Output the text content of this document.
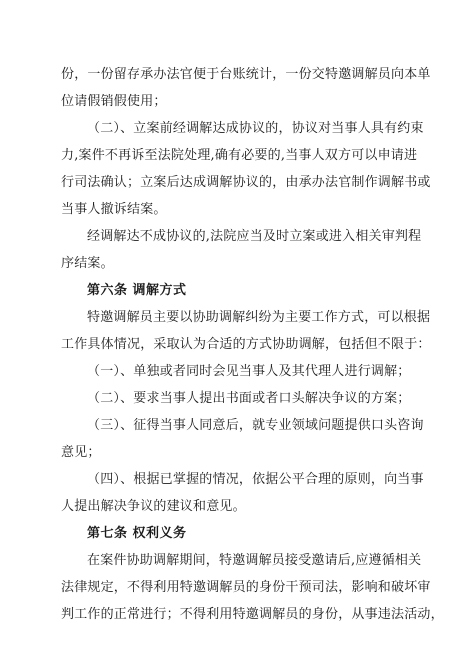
份，一份留存承办法官便于台账统计，一份交特邀调解员向本单
位请假销假使用；
（二）、立案前经调解达成协议的，协议对当事人具有约束
力,案件不再诉至法院处理,确有必要的,当事人双方可以申请进
行司法确认；立案后达成调解协议的，由承办法官制作调解书或
当事人撤诉结案。
经调解达不成协议的,法院应当及时立案或进入相关审判程
序结案。
第六条 调解方式
特邀调解员主要以协助调解纠纷为主要工作方式，可以根据
工作具体情况，采取认为合适的方式协助调解，包括但不限于：
（一）、单独或者同时会见当事人及其代理人进行调解；
（二）、要求当事人提出书面或者口头解决争议的方案；
（三）、征得当事人同意后，就专业领域问题提供口头咨询
意见；
（四）、根据已掌握的情况，依据公平合理的原则，向当事
人提出解决争议的建议和意见。
第七条 权利义务
在案件协助调解期间，特邀调解员接受邀请后,应遵循相关
法律规定，不得利用特邀调解员的身份干预司法，影响和破坏审
判工作的正常进行；不得利用特邀调解员的身份，从事违法活动，
